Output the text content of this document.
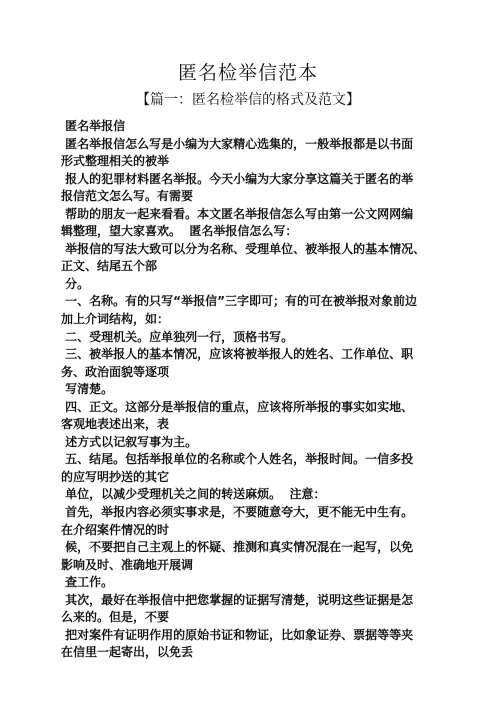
匿名检举信范本
【篇一：匿名检举信的格式及范文】
匿名举报信
匿名举报信怎么写是小编为大家精心选集的，一般举报都是以书面
形式整理相关的被举
报人的犯罪材料匿名举报。今天小编为大家分享这篇关于匿名的举
报信范文怎么写。有需要
帮助的朋友一起来看看。本文匿名举报信怎么写由第一公文网网编
辑整理，望大家喜欢。  匿名举报信怎么写：
举报信的写法大致可以分为名称、受理单位、被举报人的基本情况、
正文、结尾五个部
分。
一、名称。有的只写“举报信”三字即可；有的可在被举报对象前边
加上介词结构，如：
二、受理机关。应单独列一行，顶格书写。
三、被举报人的基本情况，应该将被举报人的姓名、工作单位、职
务、政治面貌等逐项
写清楚。
四、正文。这部分是举报信的重点，应该将所举报的事实如实地、
客观地表述出来，表
述方式以记叙写事为主。
五、结尾。包括举报单位的名称或个人姓名，举报时间。一信多投
的应写明抄送的其它
单位，以减少受理机关之间的转送麻烦。  注意：
首先，举报内容必须实事求是，不要随意夸大，更不能无中生有。
在介绍案件情况的时
候，不要把自己主观上的怀疑、推测和真实情况混在一起写，以免
影响及时、准确地开展调
查工作。
其次，最好在举报信中把您掌握的证据写清楚，说明这些证据是怎
么来的。但是，不要
把对案件有证明作用的原始书证和物证，比如象证券、票据等等夹
在信里一起寄出，以免丢
